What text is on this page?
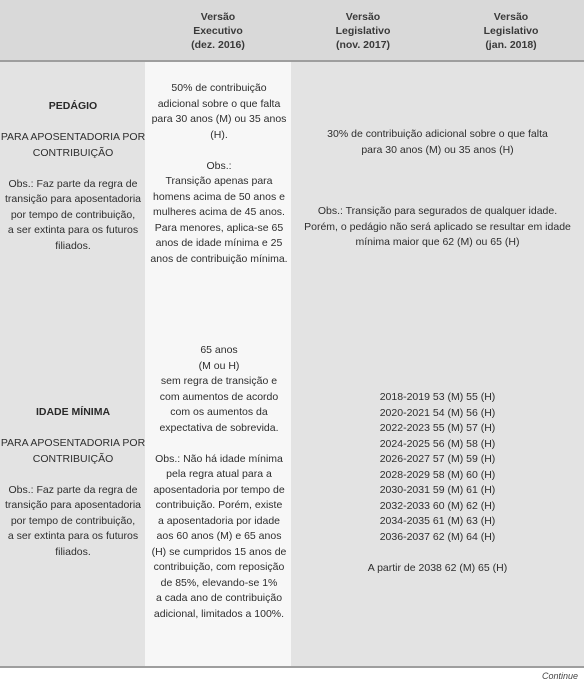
Versão
Executivo
(dez. 2016)
Versão
Legislativo
(nov. 2017)
Versão
Legislativo
(jan. 2018)
PEDÁGIO
PARA APOSENTADORIA POR
CONTRIBUIÇÃO
Obs.: Faz parte da regra de
transição para aposentadoria
por tempo de contribuição,
a ser extinta para os futuros
filiados.
50% de contribuição
adicional sobre o que falta
para 30 anos (M) ou 35 anos
(H).
Obs.:
Transição apenas para
homens acima de 50 anos e
mulheres acima de 45 anos.
Para menores, aplica-se 65
anos de idade mínima e 25
anos de contribuição mínima.
30% de contribuição adicional sobre o que falta
para 30 anos (M) ou 35 anos (H)
Obs.: Transição para segurados de qualquer idade.
Porém, o pedágio não será aplicado se resultar em idade
mínima maior que 62 (M) ou 65 (H)
IDADE MÍNIMA
PARA APOSENTADORIA POR
CONTRIBUIÇÃO
Obs.: Faz parte da regra de
transição para aposentadoria
por tempo de contribuição,
a ser extinta para os futuros
filiados.
65 anos
(M ou H)
sem regra de transição e
com aumentos de acordo
com os aumentos da
expectativa de sobrevida.
Obs.: Não há idade mínima
pela regra atual para a
aposentadoria por tempo de
contribuição. Porém, existe
a aposentadoria por idade
aos 60 anos (M) e 65 anos
(H) se cumpridos 15 anos de
contribuição, com reposição
de 85%, elevando-se 1%
a cada ano de contribuição
adicional, limitados a 100%.
2018-2019 53 (M) 55 (H)
2020-2021 54 (M) 56 (H)
2022-2023 55 (M) 57 (H)
2024-2025 56 (M) 58 (H)
2026-2027 57 (M) 59 (H)
2028-2029 58 (M) 60 (H)
2030-2031 59 (M) 61 (H)
2032-2033 60 (M) 62 (H)
2034-2035 61 (M) 63 (H)
2036-2037 62 (M) 64 (H)
A partir de 2038 62 (M) 65 (H)
Continue
